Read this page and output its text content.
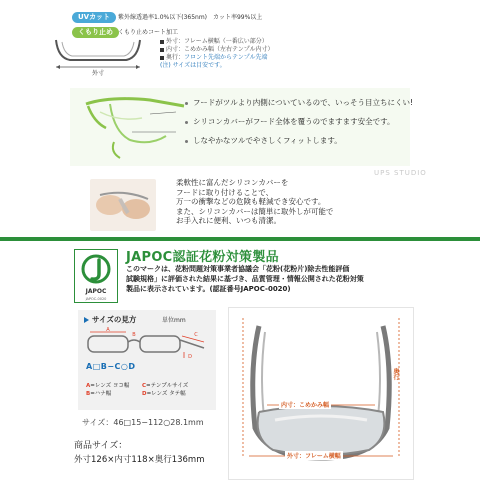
UVカット	紫外線透過率1.0%以下(365nm)　カット率99%以上
くもり止め くもり止めコート加工
外寸
外寸：フレーム横幅（一番広い部分）
内寸：こめかみ幅（左右テンプル内寸）
奥行：フロント先端からテンプル先端
(注) サイズは目安です。
フードがツルより内側についているので、いっそう目立ちにくい!
シリコンカバーがフード全体を覆うのでますます安全です。
しなやかなツルでやさしくフィットします。
柔軟性に富んだシリコンカバーを
フードに取り付けることで、
万一の衝撃などの危険も軽減でき安心です。
また、シリコンカバーは簡単に取外しが可能で
お手入れに便利、いつも清潔。
JAPOC
JAPOC-0020
JAPOC認証花粉対策製品
このマークは、花粉問題対策事業者協議会「花粉(花粉片)除去性能評価
試験規格」に評価された結果に基づき、品質管理・情報公開された花粉対策
製品に表示されています。(認証番号JAPOC-0020)
サイズの見方	単位mm
A
B	C
D
A□B−C○D
A=レンズ ヨコ幅
B=ハナ幅
C=テンプルサイズ
D=レンズ タテ幅
サイズ：46□15−112○28.1mm
商品サイズ：
外寸126×内寸118×奥行136mm
内寸：こめかみ幅
外寸：フレーム横幅
奥行
UPS STUDIO
